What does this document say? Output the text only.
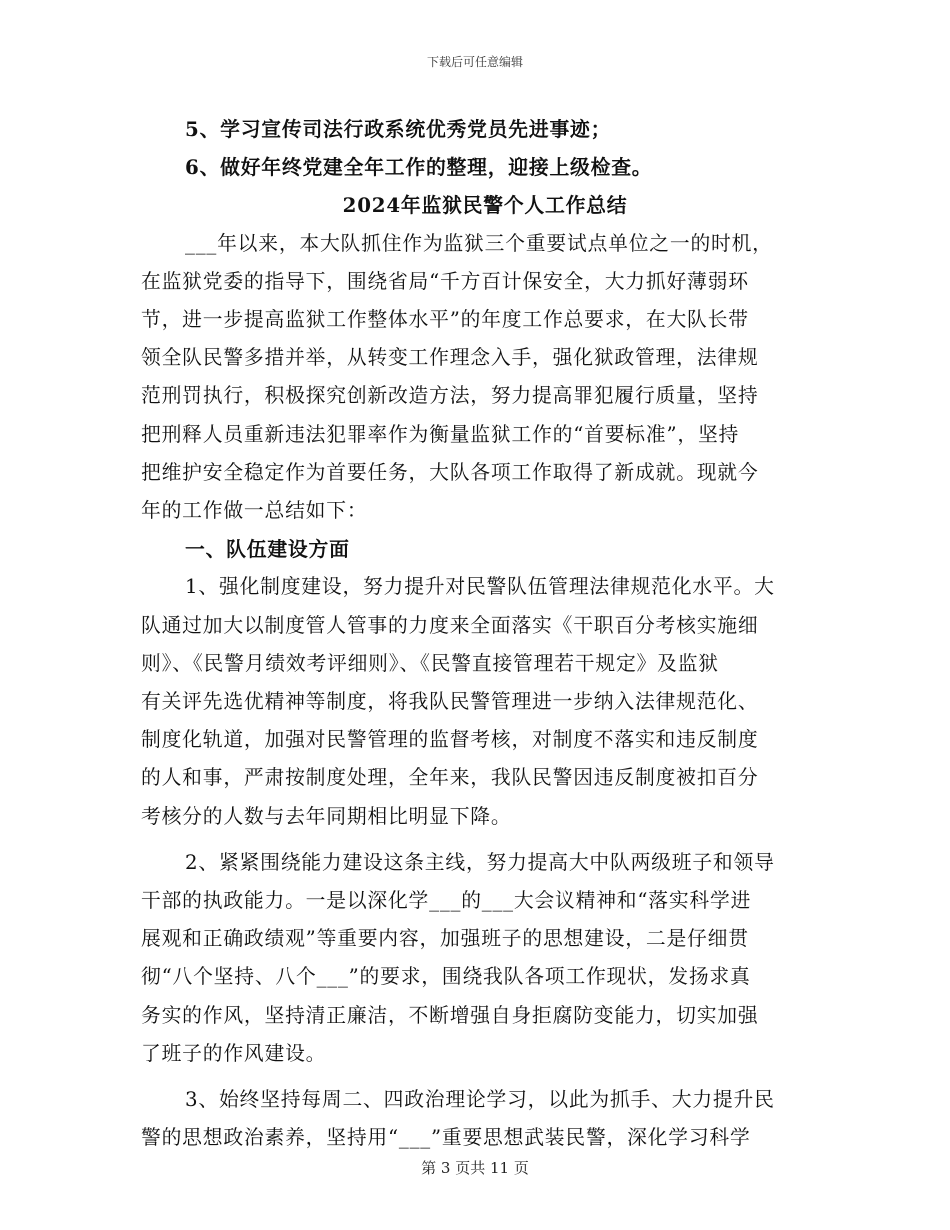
下载后可任意编辑
5、学习宣传司法行政系统优秀党员先进事迹；
6、做好年终党建全年工作的整理，迎接上级检查。
2024年监狱民警个人工作总结
___年以来，本大队抓住作为监狱三个重要试点单位之一的时机，
在监狱党委的指导下，围绕省局“千方百计保安全，大力抓好薄弱环
节，进一步提高监狱工作整体水平”的年度工作总要求，在大队长带
领全队民警多措并举，从转变工作理念入手，强化狱政管理，法律规
范刑罚执行，积极探究创新改造方法，努力提高罪犯履行质量，坚持
把刑释人员重新违法犯罪率作为衡量监狱工作的“首要标准”，坚持
把维护安全稳定作为首要任务，大队各项工作取得了新成就。现就今
年的工作做一总结如下：
一、队伍建设方面
1、强化制度建设，努力提升对民警队伍管理法律规范化水平。大
队通过加大以制度管人管事的力度来全面落实《干职百分考核实施细
则》、《民警月绩效考评细则》、《民警直接管理若干规定》及监狱
有关评先选优精神等制度，将我队民警管理进一步纳入法律规范化、
制度化轨道，加强对民警管理的监督考核，对制度不落实和违反制度
的人和事，严肃按制度处理，全年来，我队民警因违反制度被扣百分
考核分的人数与去年同期相比明显下降。
2、紧紧围绕能力建设这条主线，努力提高大中队两级班子和领导
干部的执政能力。一是以深化学___的___大会议精神和“落实科学进
展观和正确政绩观”等重要内容，加强班子的思想建设，二是仔细贯
彻“八个坚持、八个___”的要求，围绕我队各项工作现状，发扬求真
务实的作风，坚持清正廉洁，不断增强自身拒腐防变能力，切实加强
了班子的作风建设。
3、始终坚持每周二、四政治理论学习，以此为抓手、大力提升民
警的思想政治素养，坚持用“___”重要思想武装民警，深化学习科学
第 3 页共 11 页
